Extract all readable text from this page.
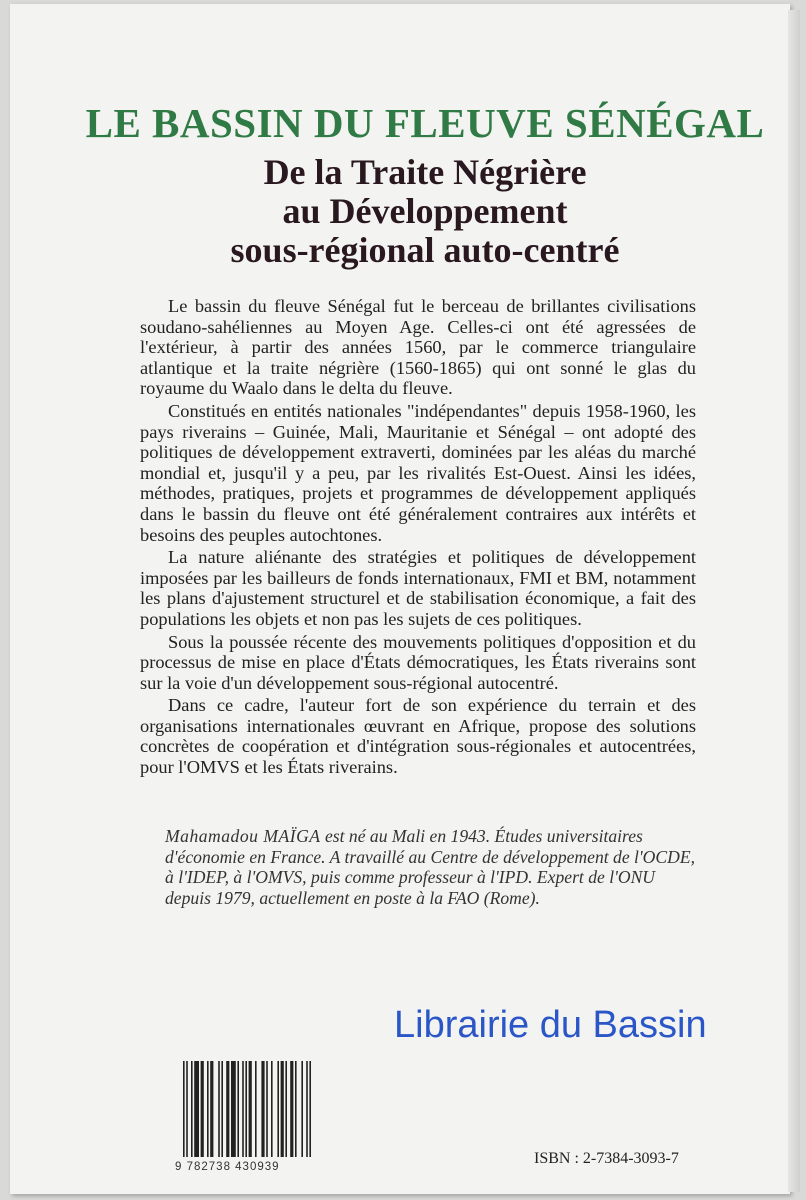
LE BASSIN DU FLEUVE SÉNÉGAL
De la Traite Négrière
au Développement
sous-régional auto-centré

Le bassin du fleuve Sénégal fut le berceau de brillantes civilisations soudano-sahéliennes au Moyen Age. Celles-ci ont été agressées de l'extérieur, à partir des années 1560, par le commerce triangulaire atlantique et la traite négrière (1560-1865) qui ont sonné le glas du royaume du Waalo dans le delta du fleuve.

Constitués en entités nationales "indépendantes" depuis 1958-1960, les pays riverains – Guinée, Mali, Mauritanie et Sénégal – ont adopté des politiques de développement extraverti, dominées par les aléas du marché mondial et, jusqu'il y a peu, par les rivalités Est-Ouest. Ainsi les idées, méthodes, pratiques, projets et programmes de développement appliqués dans le bassin du fleuve ont été généralement contraires aux intérêts et besoins des peuples autochtones.

La nature aliénante des stratégies et politiques de développement imposées par les bailleurs de fonds internationaux, FMI et BM, notamment les plans d'ajustement structurel et de stabilisation économique, a fait des populations les objets et non pas les sujets de ces politiques.

Sous la poussée récente des mouvements politiques d'opposition et du processus de mise en place d'États démocratiques, les États riverains sont sur la voie d'un développement sous-régional autocentré.

Dans ce cadre, l'auteur fort de son expérience du terrain et des organisations internationales œuvrant en Afrique, propose des solutions concrètes de coopération et d'intégration sous-régionales et autocentrées, pour l'OMVS et les États riverains.

Mahamadou MAÏGA est né au Mali en 1943. Études universitaires d'économie en France. A travaillé au Centre de développement de l'OCDE, à l'IDEP, à l'OMVS, puis comme professeur à l'IPD. Expert de l'ONU depuis 1979, actuellement en poste à la FAO (Rome).

Librairie du Bassin
9 782738 430939	ISBN : 2-7384-3093-7
